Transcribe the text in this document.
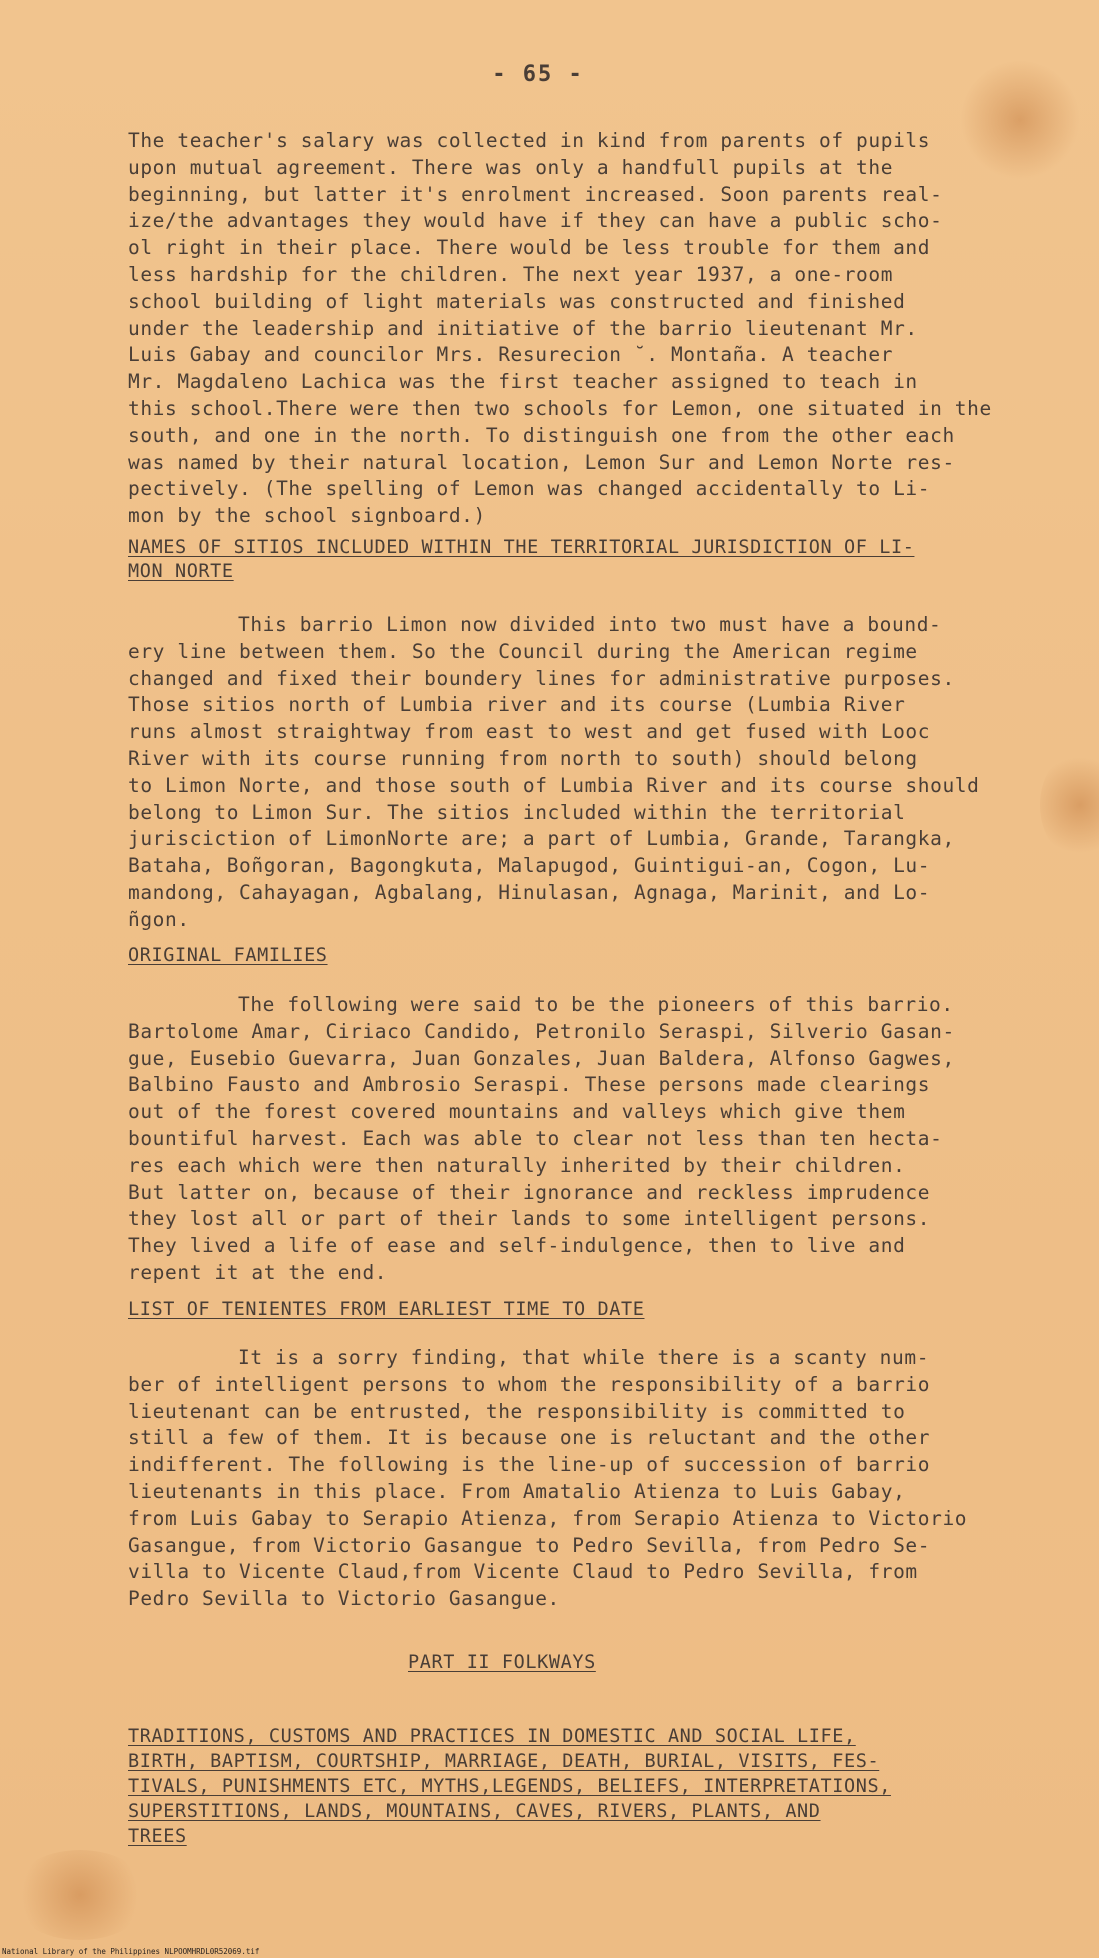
- 65 -
The teacher's salary was collected in kind from parents of pupils
upon mutual agreement. There was only a handfull pupils at the
beginning, but latter it's enrolment increased. Soon parents real-
ize/the advantages they would have if they can have a public scho-
ol right in their place. There would be less trouble for them and
less hardship for the children. The next year 1937, a one-room
school building of light materials was constructed and finished
under the leadership and initiative of the barrio lieutenant Mr.
Luis Gabay and councilor Mrs. Resurecion ˘. Montaña. A teacher
Mr. Magdaleno Lachica was the first teacher assigned to teach in
this school.There were then two schools for Lemon, one situated in the
south, and one in the north. To distinguish one from the other each
was named by their natural location, Lemon Sur and Lemon Norte res-
pectively. (The spelling of Lemon was changed accidentally to Li-
mon by the school signboard.)
NAMES OF SITIOS INCLUDED WITHIN THE TERRITORIAL JURISDICTION OF LI-
MON NORTE
This barrio Limon now divided into two must have a bound-
ery line between them. So the Council during the American regime
changed and fixed their boundery lines for administrative purposes.
Those sitios north of Lumbia river and its course (Lumbia River
runs almost straightway from east to west and get fused with Looc
River with its course running from north to south) should belong
to Limon Norte, and those south of Lumbia River and its course should
belong to Limon Sur. The sitios included within the territorial
jurisciction of LimonNorte are; a part of Lumbia, Grande, Tarangka,
Bataha, Boñgoran, Bagongkuta, Malapugod, Guintigui-an, Cogon, Lu-
mandong, Cahayagan, Agbalang, Hinulasan, Agnaga, Marinit, and Lo-
ñgon.
ORIGINAL FAMILIES
The following were said to be the pioneers of this barrio.
Bartolome Amar, Ciriaco Candido, Petronilo Seraspi, Silverio Gasan-
gue, Eusebio Guevarra, Juan Gonzales, Juan Baldera, Alfonso Gagwes,
Balbino Fausto and Ambrosio Seraspi. These persons made clearings
out of the forest covered mountains and valleys which give them
bountiful harvest. Each was able to clear not less than ten hecta-
res each which were then naturally inherited by their children.
But latter on, because of their ignorance and reckless imprudence
they lost all or part of their lands to some intelligent persons.
They lived a life of ease and self-indulgence, then to live and
repent it at the end.
LIST OF TENIENTES FROM EARLIEST TIME TO DATE
It is a sorry finding, that while there is a scanty num-
ber of intelligent persons to whom the responsibility of a barrio
lieutenant can be entrusted, the responsibility is committed to
still a few of them. It is because one is reluctant and the other
indifferent. The following is the line-up of succession of barrio
lieutenants in this place. From Amatalio Atienza to Luis Gabay,
from Luis Gabay to Serapio Atienza, from Serapio Atienza to Victorio
Gasangue, from Victorio Gasangue to Pedro Sevilla, from Pedro Se-
villa to Vicente Claud,from Vicente Claud to Pedro Sevilla, from
Pedro Sevilla to Victorio Gasangue.
PART II FOLKWAYS
TRADITIONS, CUSTOMS AND PRACTICES IN DOMESTIC AND SOCIAL LIFE,
BIRTH, BAPTISM, COURTSHIP, MARRIAGE, DEATH, BURIAL, VISITS, FES-
TIVALS, PUNISHMENTS ETC, MYTHS,LEGENDS, BELIEFS, INTERPRETATIONS,
SUPERSTITIONS, LANDS, MOUNTAINS, CAVES, RIVERS, PLANTS, AND
TREES
National Library of the Philippines NLPOOMHRDL0R52069.tif
